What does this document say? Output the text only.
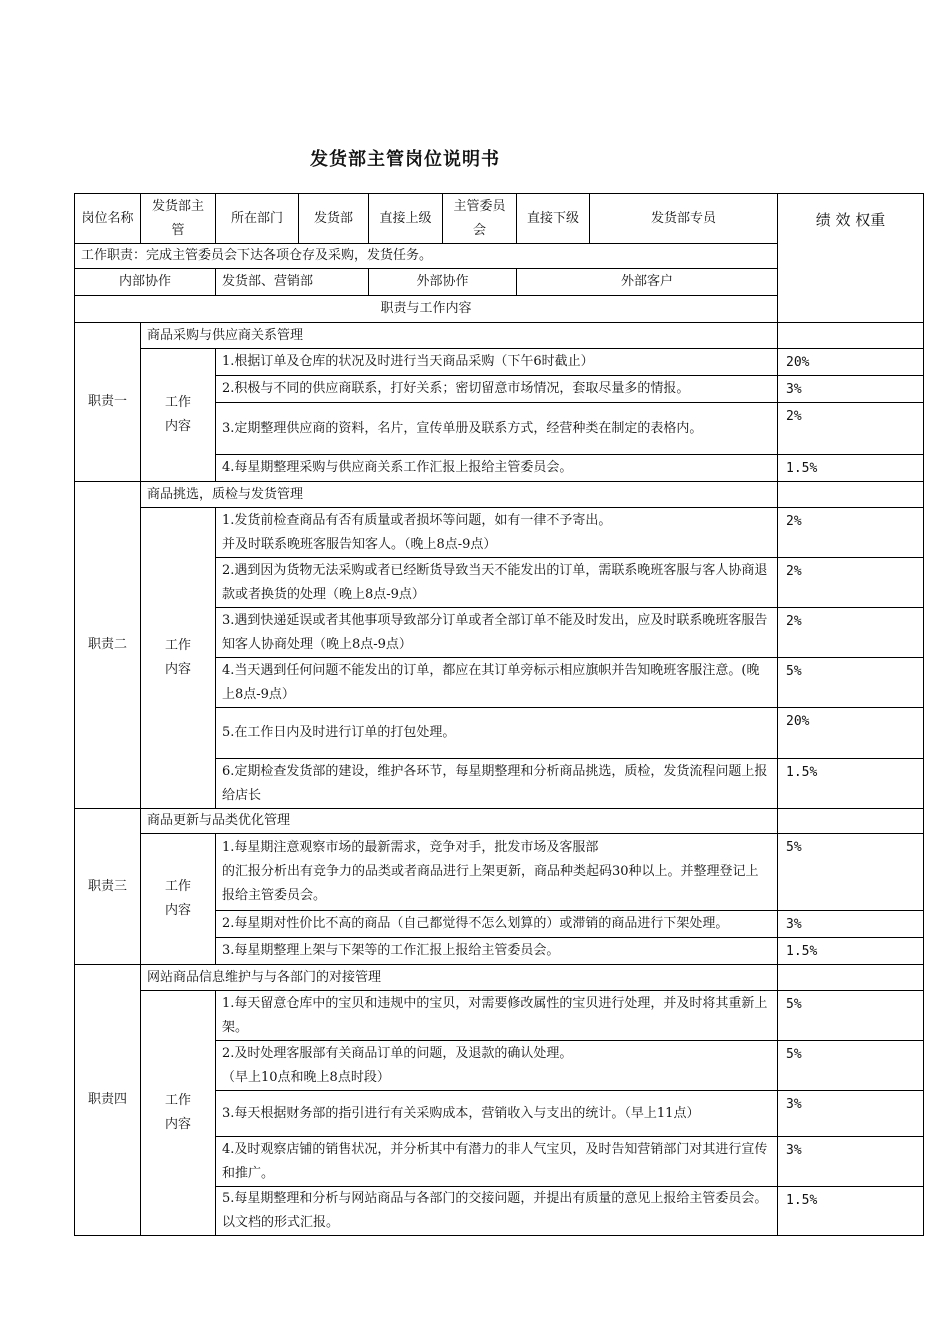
发货部主管岗位说明书
岗位名称	发货部主管	所在部门	发货部	直接上级	主管委员会	直接下级	发货部专员	绩 效 权重
工作职责：完成主管委员会下达各项仓存及采购，发货任务。								
内部协作		发货部、营销部		外部协作		外部客户		
职责与工作内容								
职责一	商品采购与供应商关系管理							
	工作内容	1.根据订单及仓库的状况及时进行当天商品采购（下午6时截止）						20%
		2.积极与不同的供应商联系，打好关系；密切留意市场情况，套取尽量多的情报。						3%
		3.定期整理供应商的资料，名片，宣传单册及联系方式，经营种类在制定的表格内。						2%
		4.每星期整理采购与供应商关系工作汇报上报给主管委员会。						1.5%
职责二	商品挑选，质检与发货管理							
	工作内容	1.发货前检查商品有否有质量或者损坏等问题，如有一律不予寄出。
并及时联系晚班客服告知客人。（晚上8点-9点）						2%
		2.遇到因为货物无法采购或者已经断货导致当天不能发出的订单，需联系晚班客服与客人协商退款或者换货的处理（晚上8点-9点）						2%
		3.遇到快递延误或者其他事项导致部分订单或者全部订单不能及时发出，应及时联系晚班客服告知客人协商处理（晚上8点-9点）						2%
		4.当天遇到任何问题不能发出的订单，都应在其订单旁标示相应旗帜并告知晚班客服注意。(晚上8点-9点）						5%
		5.在工作日内及时进行订单的打包处理。						20%
		6.定期检查发货部的建设，维护各环节，每星期整理和分析商品挑选，质检，发货流程问题上报给店长						1.5%
职责三	商品更新与品类优化管理							
	工作内容	1.每星期注意观察市场的最新需求，竞争对手，批发市场及客服部
的汇报分析出有竞争力的品类或者商品进行上架更新，商品种类起码30种以上。并整理登记上报给主管委员会。						5%
		2.每星期对性价比不高的商品（自己都觉得不怎么划算的）或滞销的商品进行下架处理。						3%
		3.每星期整理上架与下架等的工作汇报上报给主管委员会。						1.5%
职责四	网站商品信息维护与与各部门的对接管理							
	工作内容	1.每天留意仓库中的宝贝和违规中的宝贝，对需要修改属性的宝贝进行处理，并及时将其重新上架。						5%
		2.及时处理客服部有关商品订单的问题，及退款的确认处理。
（早上10点和晚上8点时段）						5%
		3.每天根据财务部的指引进行有关采购成本，营销收入与支出的统计。（早上11点）						3%
		4.及时观察店铺的销售状况，并分析其中有潜力的非人气宝贝，及时告知营销部门对其进行宣传和推广。						3%
		5.每星期整理和分析与网站商品与各部门的交接问题，并提出有质量的意见上报给主管委员会。以文档的形式汇报。						1.5%
